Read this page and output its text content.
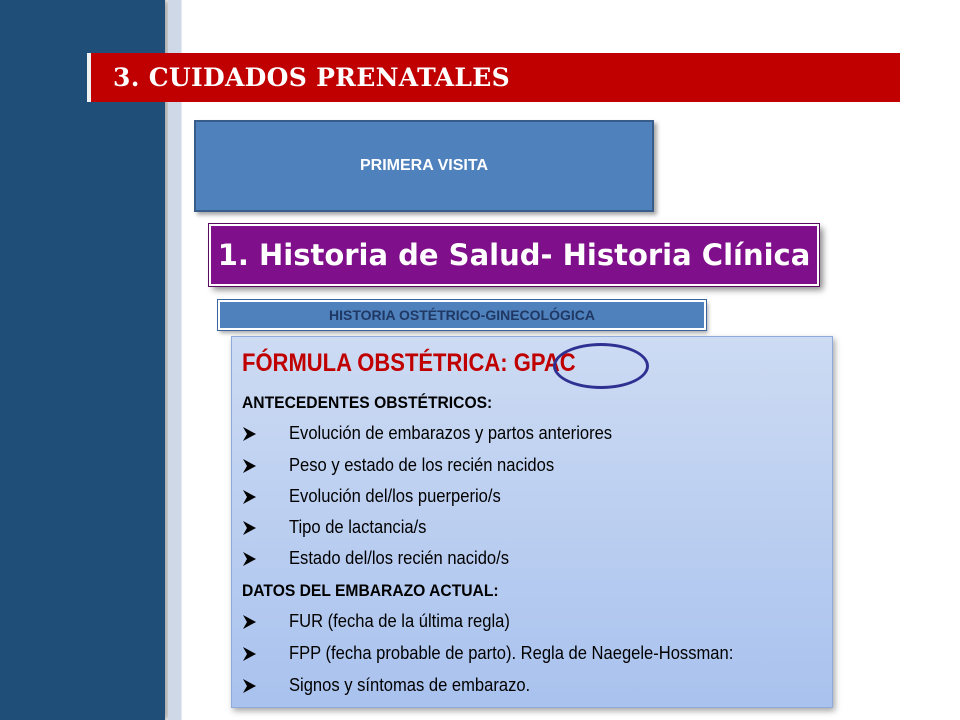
3. CUIDADOS PRENATALES
PRIMERA VISITA
1. Historia de Salud- Historia Clínica
HISTORIA OSTÉTRICO-GINECOLÓGICA
FÓRMULA OBSTÉTRICA: GPAC
ANTECEDENTES OBSTÉTRICOS:
Evolución de embarazos y partos anteriores
Peso y estado de los recién nacidos
Evolución del/los puerperio/s
Tipo de lactancia/s
Estado del/los recién nacido/s
DATOS DEL EMBARAZO ACTUAL:
FUR (fecha de la última regla)
FPP (fecha probable de parto). Regla de Naegele-Hossman:
Signos y síntomas de embarazo.
